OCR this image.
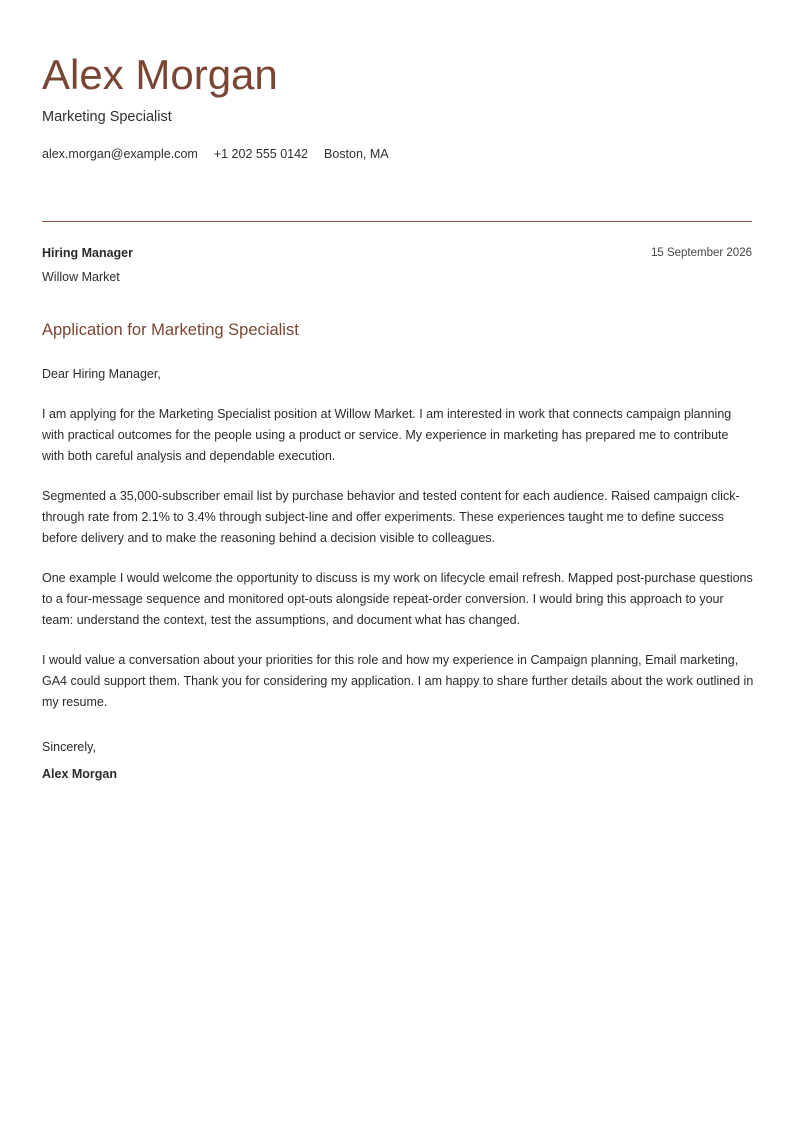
Alex Morgan
Marketing Specialist
alex.morgan@example.com +1 202 555 0142 Boston, MA
Hiring Manager
Willow Market
15 September 2026
Application for Marketing Specialist

Dear Hiring Manager,

I am applying for the Marketing Specialist position at Willow Market. I am interested in work that connects campaign planning with practical outcomes for the people using a product or service. My experience in marketing has prepared me to contribute with both careful analysis and dependable execution.

Segmented a 35,000-subscriber email list by purchase behavior and tested content for each audience. Raised campaign click-through rate from 2.1% to 3.4% through subject-line and offer experiments. These experiences taught me to define success before delivery and to make the reasoning behind a decision visible to colleagues.

One example I would welcome the opportunity to discuss is my work on lifecycle email refresh. Mapped post-purchase questions to a four-message sequence and monitored opt-outs alongside repeat-order conversion. I would bring this approach to your team: understand the context, test the assumptions, and document what has changed.

I would value a conversation about your priorities for this role and how my experience in Campaign planning, Email marketing, GA4 could support them. Thank you for considering my application. I am happy to share further details about the work outlined in my resume.

Sincerely,
Alex Morgan
